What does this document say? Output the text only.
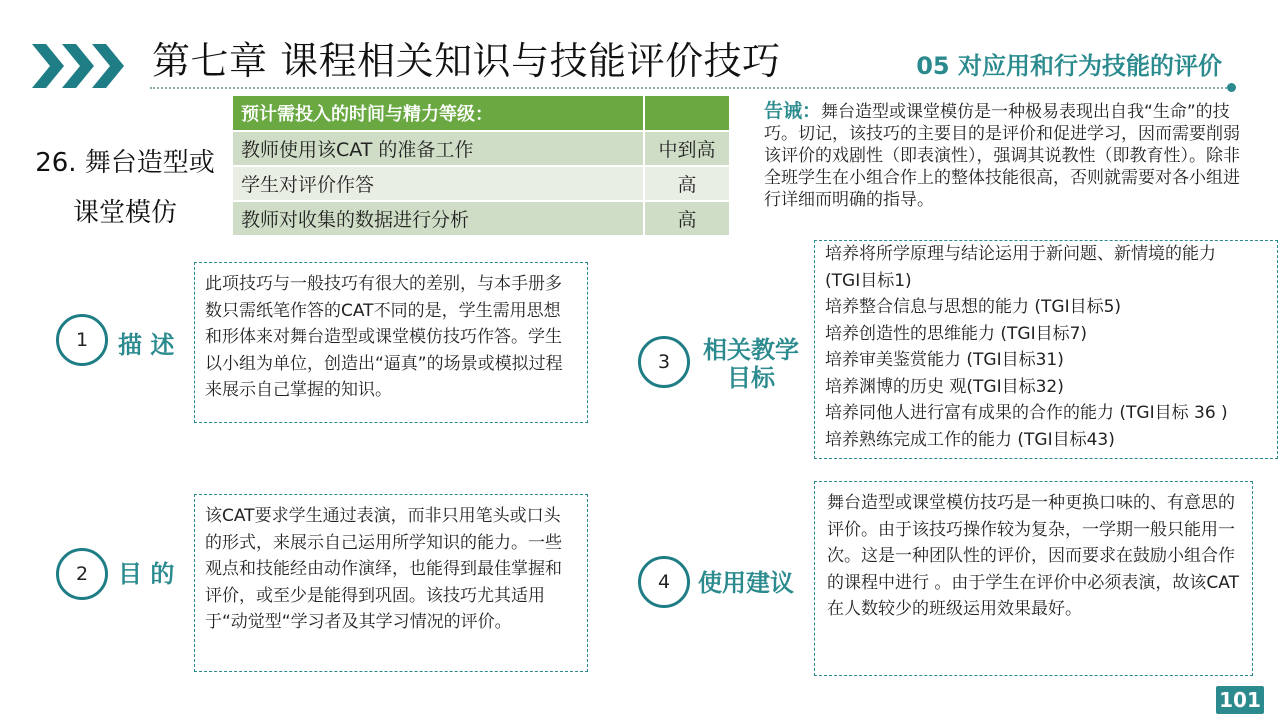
第七章 课程相关知识与技能评价技巧	05 对应用和行为技能的评价
26. 舞台造型或
课堂模仿
预计需投入的时间与精力等级：	
教师使用该CAT 的准备工作	中到高
学生对评价作答	高
教师对收集的数据进行分析	高
告诫：舞台造型或课堂模仿是一种极易表现出自我“生命”的技巧。切记，该技巧的主要目的是评价和促进学习，因而需要削弱该评价的戏剧性（即表演性），强调其说教性（即教育性）。除非全班学生在小组合作上的整体技能很高，否则就需要对各小组进行详细而明确的指导。
1	描 述
此项技巧与一般技巧有很大的差别，与本手册多数只需纸笔作答的CAT不同的是，学生需用思想和形体来对舞台造型或课堂模仿技巧作答。学生以小组为单位，创造出“逼真”的场景或模拟过程来展示自己掌握的知识。
2	目 的
该CAT要求学生通过表演，而非只用笔头或口头的形式，来展示自己运用所学知识的能力。一些观点和技能经由动作演绎，也能得到最佳掌握和评价，或至少是能得到巩固。该技巧尤其适用于“动觉型“学习者及其学习情况的评价。
3	相关教学
目标
培养将所学原理与结论运用于新问题、新情境的能力
(TGI目标1)
培养整合信息与思想的能力 (TGI目标5)
培养创造性的思维能力 (TGI目标7)
培养审美鉴赏能力 (TGI目标31)
培养渊博的历史 观(TGI目标32)
培养同他人进行富有成果的合作的能力 (TGI目标 36 )
培养熟练完成工作的能力 (TGI目标43)
4	使用建议
舞台造型或课堂模仿技巧是一种更换口味的、有意思的评价。由于该技巧操作较为复杂，一学期一般只能用一次。这是一种团队性的评价，因而要求在鼓励小组合作的课程中进行 。由于学生在评价中必须表演，故该CAT 在人数较少的班级运用效果最好。
101
